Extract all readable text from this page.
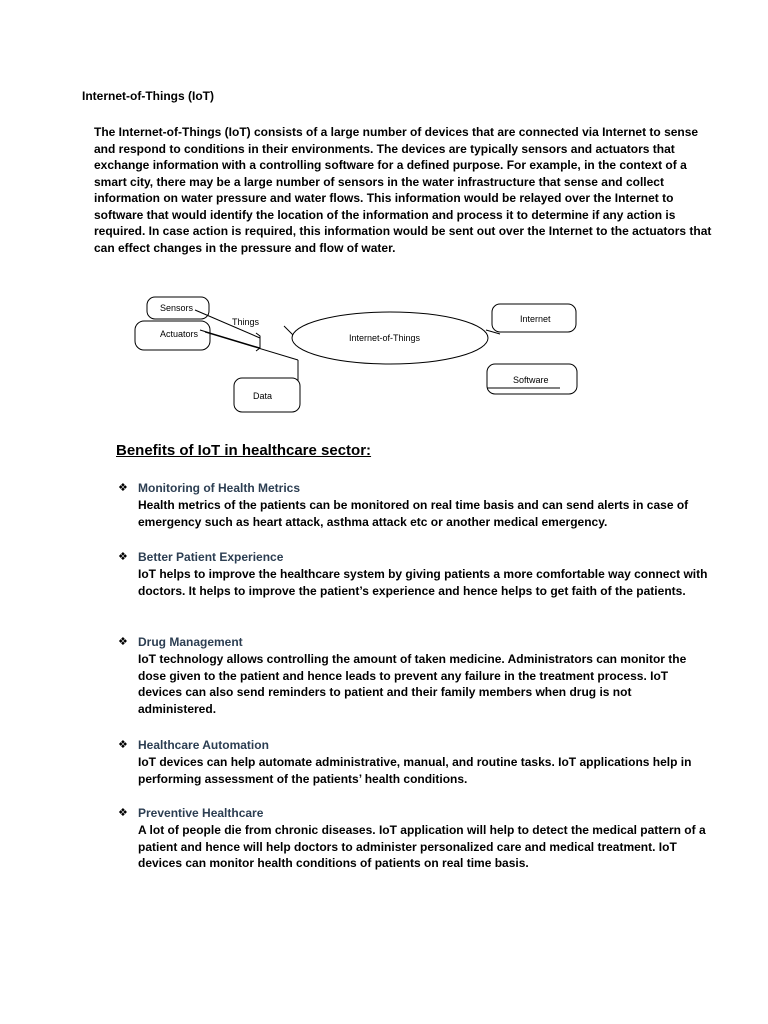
Internet-of-Things (IoT)

The Internet-of-Things (IoT) consists of a large number of devices that are connected via Internet to sense and respond to conditions in their environments. The devices are typically sensors and actuators that exchange information with a controlling software for a defined purpose. For example, in the context of a smart city, there may be a large number of sensors in the water infrastructure that sense and collect information on water pressure and water flows. This information would be relayed over the Internet to software that would identify the location of the information and process it to determine if any action is required. In case action is required, this information would be sent out over the Internet to the actuators that can effect changes in the pressure and flow of water.

Sensors
Actuators
Things
Data
Internet-of-Things
Internet
Software
Benefits of IoT in healthcare sector:
❖ Monitoring of Health Metrics

Health metrics of the patients can be monitored on real time basis and can send alerts in case of emergency such as heart attack, asthma attack etc or another medical emergency.

❖ Better Patient Experience

IoT helps to improve the healthcare system by giving patients a more comfortable way connect with doctors. It helps to improve the patient’s experience and hence helps to get faith of the patients.

❖ Drug Management

IoT technology allows controlling the amount of taken medicine. Administrators can monitor the dose given to the patient and hence leads to prevent any failure in the treatment process. IoT devices can also send reminders to patient and their family members when drug is not administered.

❖ Healthcare Automation

IoT devices can help automate administrative, manual, and routine tasks. IoT applications help in performing assessment of the patients’ health conditions.

❖ Preventive Healthcare

A lot of people die from chronic diseases. IoT application will help to detect the medical pattern of a patient and hence will help doctors to administer personalized care and medical treatment. IoT devices can monitor health conditions of patients on real time basis.
